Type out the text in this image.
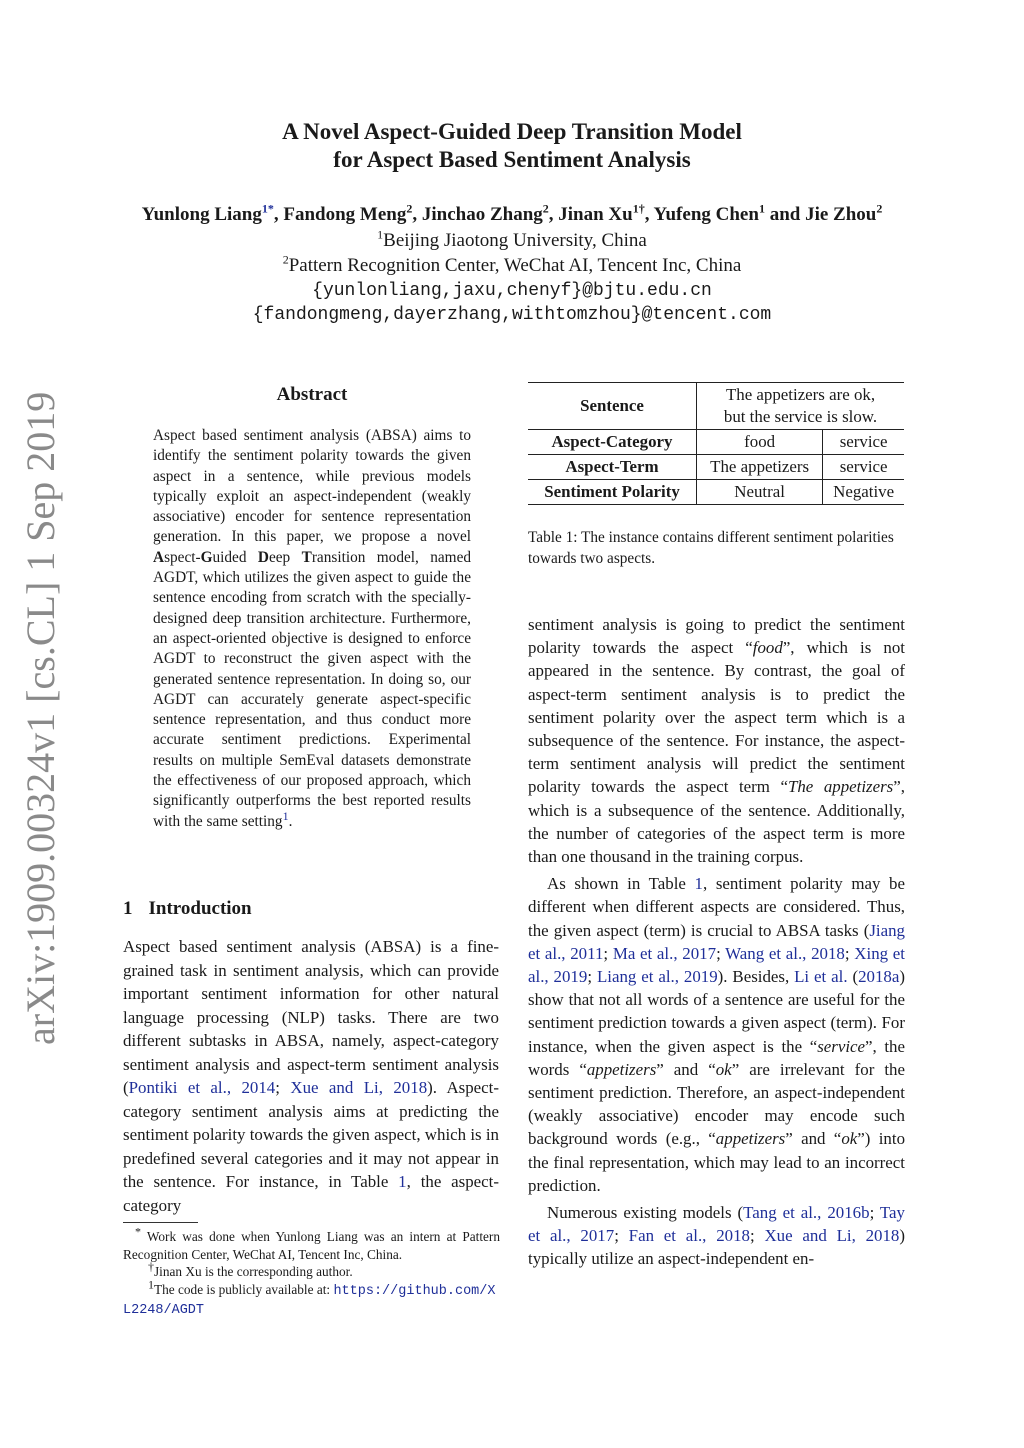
A Novel Aspect-Guided Deep Transition Model
for Aspect Based Sentiment Analysis
Yunlong Liang$^{1*}$, Fandong Meng$^2$, Jinchao Zhang$^2$, Jinan $Xu^{1\dagger}$, Yufeng Chen$^1$ and Jie Zhou$^2$
$^1$Beijing Jiaotong University, China
$^2$Pattern Recognition Center, WeChat AI, Tencent Inc, China
{yunlonliang,jaxu,chenyf}@bjtu.edu.cn
{fandongmeng,dayerzhang,withtomzhou}@tencent.com
arXiv:1909.00324v1 [cs.CL] 1 Sep 2019	Abstract
Aspect based sentiment analysis (ABSA) aims to identify the sentiment polarity towards the given aspect in a sentence, while previous models typically exploit an aspect-independent (weakly associative) encoder for sentence representation generation. In this paper, we propose a novel Aspect-Guided Deep Transition model, named AGDT, which utilizes the given aspect to guide the sentence encoding from scratch with the specially-designed deep transition architecture. Furthermore, an aspect-oriented objective is designed to enforce AGDT to reconstruct the given aspect with the generated sentence representation. In doing so, our AGDT can accurately generate aspect-specific sentence representation, and thus conduct more accurate sentiment predictions. Experimental results on multiple SemEval datasets demonstrate the effectiveness of our proposed approach, which significantly outperforms the best reported results with the same setting$^1$.
1 Introduction
Aspect based sentiment analysis (ABSA) is a fine-grained task in sentiment analysis, which can provide important sentiment information for other natural language processing (NLP) tasks. There are two different subtasks in ABSA, namely, aspect-category sentiment analysis and aspect-term sentiment analysis (Pontiki et al., 2014; Xue and Li, 2018). Aspect-category sentiment analysis aims at predicting the sentiment polarity towards the given aspect, which is in predefined several categories and it may not appear in the sentence. For instance, in Table 1, the aspect-category
* Work was done when Yunlong Liang was an intern at Pattern Recognition Center, WeChat AI, Tencent Inc, China.
†Jinan Xu is the corresponding author.
$^1$The code is publicly available at: https://github.com/XL2248/AGDT
Sentence	The appetizers are ok,
but the service is slow.	

Aspect-Category	food	service
Aspect-Term	The appetizers	service
Sentiment Polarity	Neutral	Negative
Table 1: The instance contains different sentiment polarities towards two aspects.

sentiment analysis is going to predict the sentiment polarity towards the aspect “food”, which is not appeared in the sentence. By contrast, the goal of aspect-term sentiment analysis is to predict the sentiment polarity over the aspect term which is a subsequence of the sentence. For instance, the aspect-term sentiment analysis will predict the sentiment polarity towards the aspect term “The appetizers”, which is a subsequence of the sentence. Additionally, the number of categories of the aspect term is more than one thousand in the training corpus.

As shown in Table 1, sentiment polarity may be different when different aspects are considered. Thus, the given aspect (term) is crucial to ABSA tasks (Jiang et al., 2011; Ma et al., 2017; Wang et al., 2018; Xing et al., 2019; Liang et al., 2019). Besides, Li et al. (2018a) show that not all words of a sentence are useful for the sentiment prediction towards a given aspect (term). For instance, when the given aspect is the “service”, the words “appetizers” and “ok” are irrelevant for the sentiment prediction. Therefore, an aspect-independent (weakly associative) encoder may encode such background words (e.g., “appetizers” and “ok”) into the final representation, which may lead to an incorrect prediction.

Numerous existing models (Tang et al., 2016b; Tay et al., 2017; Fan et al., 2018; Xue and Li, 2018) typically utilize an aspect-independent en-
